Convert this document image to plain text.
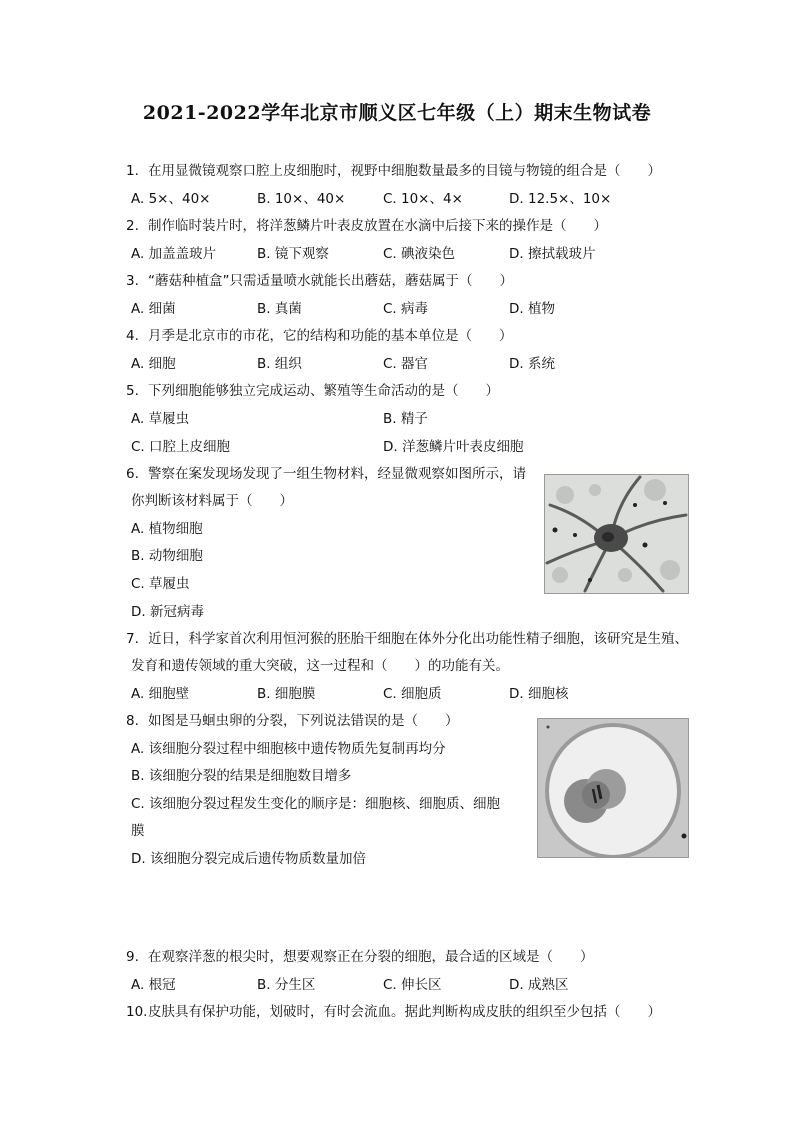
2021-2022学年北京市顺义区七年级（上）期末生物试卷
1. 在用显微镜观察口腔上皮细胞时，视野中细胞数量最多的目镜与物镜的组合是（　　）
A. 5×、40×	B. 10×、40×	C. 10×、4×	D. 12.5×、10×
2. 制作临时装片时，将洋葱鳞片叶表皮放置在水滴中后接下来的操作是（　　）
A. 加盖盖玻片	B. 镜下观察	C. 碘液染色	D. 擦拭载玻片
3. “蘑菇种植盒”只需适量喷水就能长出蘑菇，蘑菇属于（　　）
A. 细菌	B. 真菌	C. 病毒	D. 植物
4. 月季是北京市的市花，它的结构和功能的基本单位是（　　）
A. 细胞	B. 组织	C. 器官	D. 系统
5. 下列细胞能够独立完成运动、繁殖等生命活动的是（　　）
A. 草履虫	B. 精子
C. 口腔上皮细胞	D. 洋葱鳞片叶表皮细胞
6. 警察在案发现场发现了一组生物材料，经显微观察如图所示，请
你判断该材料属于（　　）
A. 植物细胞
B. 动物细胞
C. 草履虫
D. 新冠病毒
7. 近日，科学家首次利用恒河猴的胚胎干细胞在体外分化出功能性精子细胞，该研究是生殖、
发育和遗传领域的重大突破，这一过程和（　　）的功能有关。
A. 细胞壁	B. 细胞膜	C. 细胞质	D. 细胞核
8. 如图是马蛔虫卵的分裂，下列说法错误的是（　　）
A. 该细胞分裂过程中细胞核中遗传物质先复制再均分
B. 该细胞分裂的结果是细胞数目增多
C. 该细胞分裂过程发生变化的顺序是：细胞核、细胞质、细胞
膜
D. 该细胞分裂完成后遗传物质数量加倍
9. 在观察洋葱的根尖时，想要观察正在分裂的细胞，最合适的区域是（　　）
A. 根冠	B. 分生区	C. 伸长区	D. 成熟区
10.皮肤具有保护功能，划破时，有时会流血。据此判断构成皮肤的组织至少包括（　　）
